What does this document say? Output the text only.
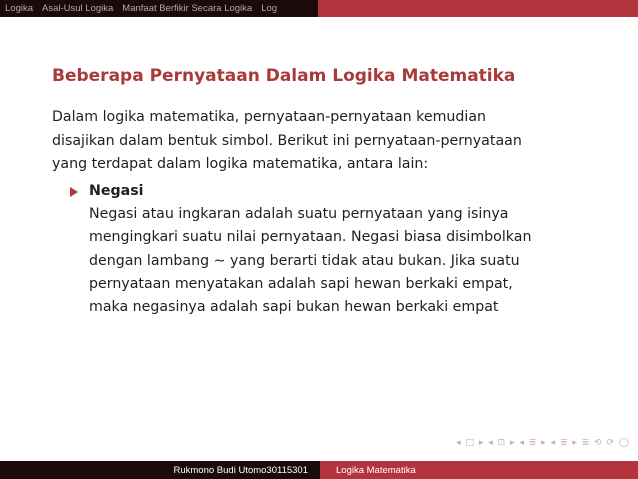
Logika Asal-Usul Logika Manfaat Berfikir Secara Logika Log
Beberapa Pernyataan Dalam Logika Matematika
Dalam logika matematika, pernyataan-pernyataan kemudian
disajikan dalam bentuk simbol. Berikut ini pernyataan-pernyataan
yang terdapat dalam logika matematika, antara lain:
Negasi
Negasi atau ingkaran adalah suatu pernyataan yang isinya
mengingkari suatu nilai pernyataan. Negasi biasa disimbolkan
dengan lambang ∼ yang berarti tidak atau bukan. Jika suatu
pernyataan menyatakan adalah sapi hewan berkaki empat,
maka negasinya adalah sapi bukan hewan berkaki empat
◂ □ ▸ ◂ ⊡ ▸ ◂ ≣ ▸ ◂ ≣ ▸ ≣ ⟲ ⟳ ◯
Rukmono Budi Utomo30115301	Logika Matematika
